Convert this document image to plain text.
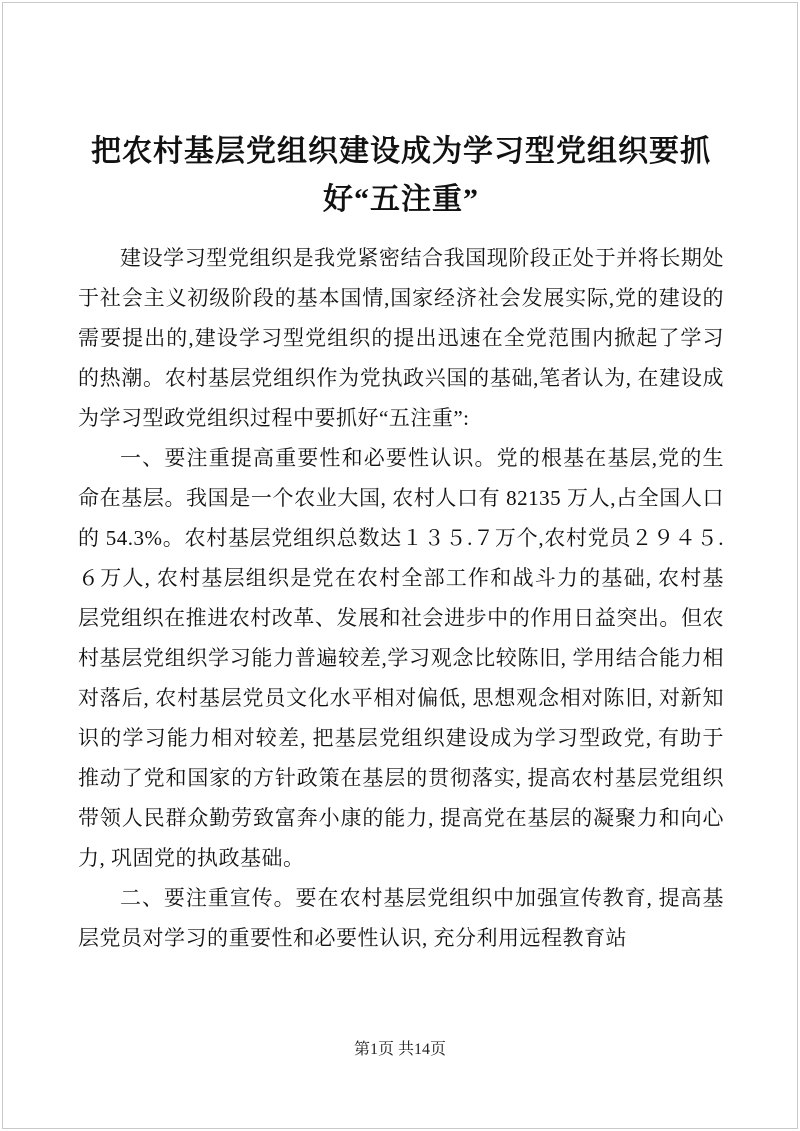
把农村基层党组织建设成为学习型党组织要抓好“五注重”

建设学习型党组织是我党紧密结合我国现阶段正处于并将长期处于社会主义初级阶段的基本国情,国家经济社会发展实际,党的建设的需要提出的,建设学习型党组织的提出迅速在全党范围内掀起了学习的热潮。农村基层党组织作为党执政兴国的基础,笔者认为, 在建设成为学习型政党组织过程中要抓好“五注重”:

一、要注重提高重要性和必要性认识。党的根基在基层,党的生命在基层。我国是一个农业大国, 农村人口有 82135 万人,占全国人口的 54.3%。农村基层党组织总数达１３５.７万个,农村党员２９４５.６万人, 农村基层组织是党在农村全部工作和战斗力的基础, 农村基层党组织在推进农村改革、发展和社会进步中的作用日益突出。但农村基层党组织学习能力普遍较差,学习观念比较陈旧, 学用结合能力相对落后, 农村基层党员文化水平相对偏低, 思想观念相对陈旧, 对新知识的学习能力相对较差, 把基层党组织建设成为学习型政党, 有助于推动了党和国家的方针政策在基层的贯彻落实, 提高农村基层党组织带领人民群众勤劳致富奔小康的能力, 提高党在基层的凝聚力和向心力, 巩固党的执政基础。

二、要注重宣传。要在农村基层党组织中加强宣传教育, 提高基层党员对学习的重要性和必要性认识, 充分利用远程教育站

第1页 共14页
